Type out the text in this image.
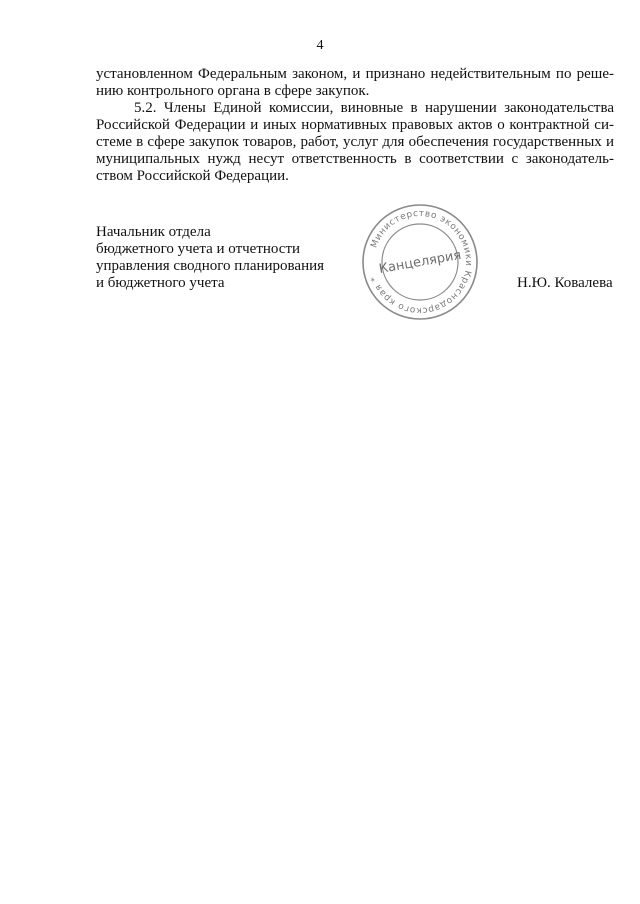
4

установленном Федеральным законом, и признано недействительным по решению контрольного органа в сфере закупок.

5.2. Члены Единой комиссии, виновные в нарушении законодательства Российской Федерации и иных нормативных правовых актов о контрактной системе в сфере закупок товаров, работ, услуг для обеспечения государственных и муниципальных нужд несут ответственность в соответствии с законодательством Российской Федерации.

Начальник отдела
бюджетного учета и отчетности
управления сводного планирования
и бюджетного учета	Н.Ю. Ковалева
Министерство экономики Краснодарского края *
Канцелярия
